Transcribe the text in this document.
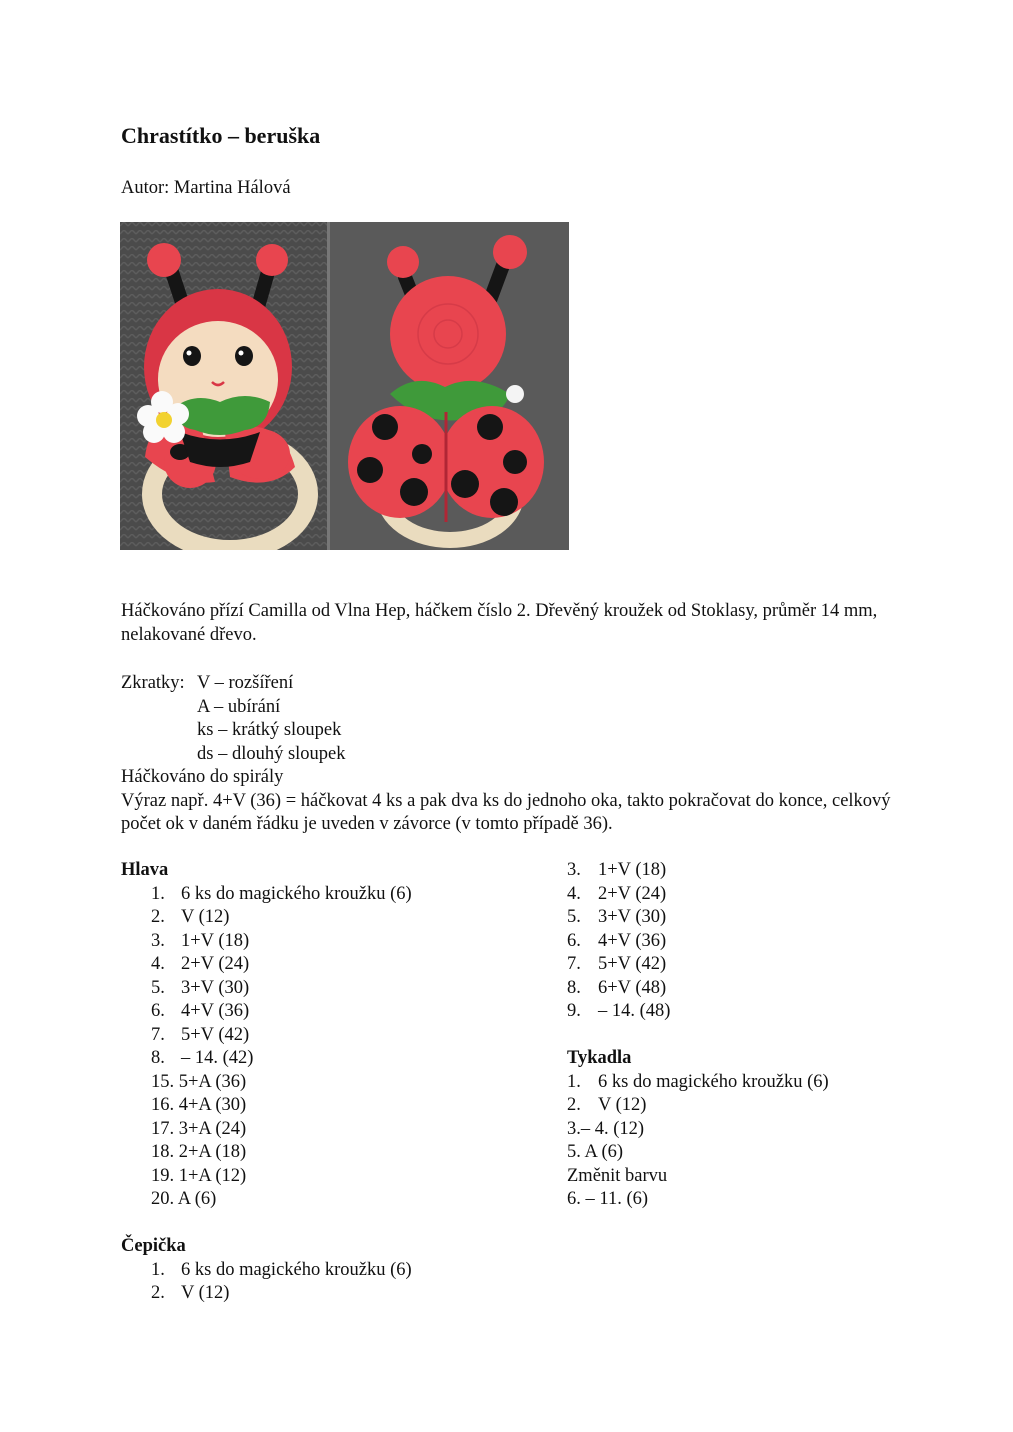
Chrastítko – beruška
Autor: Martina Hálová
Háčkováno přízí Camilla od Vlna Hep, háčkem číslo 2. Dřevěný kroužek od Stoklasy, průměr 14 mm, nelakované dřevo.
Zkratky: V – rozšíření
A – ubírání
ks – krátký sloupek
ds – dlouhý sloupek
Háčkováno do spirály
Výraz např. 4+V (36) = háčkovat 4 ks a pak dva ks do jednoho oka, takto pokračovat do konce, celkový počet ok v daném řádku je uveden v závorce (v tomto případě 36).
Hlava
1. 6 ks do magického kroužku (6)
2. V (12)
3. 1+V (18)
4. 2+V (24)
5. 3+V (30)
6. 4+V (36)
7. 5+V (42)
8. – 14. (42)
15. 5+A (36)
16. 4+A (30)
17. 3+A (24)
18. 2+A (18)
19. 1+A (12)
20. A (6)
Čepička
1. 6 ks do magického kroužku (6)
2. V (12)
3. 1+V (18)
4. 2+V (24)
5. 3+V (30)
6. 4+V (36)
7. 5+V (42)
8. 6+V (48)
9. – 14. (48)
Tykadla
1. 6 ks do magického kroužku (6)
2. V (12)
3.– 4. (12)
5. A (6)
Změnit barvu
6. – 11. (6)
